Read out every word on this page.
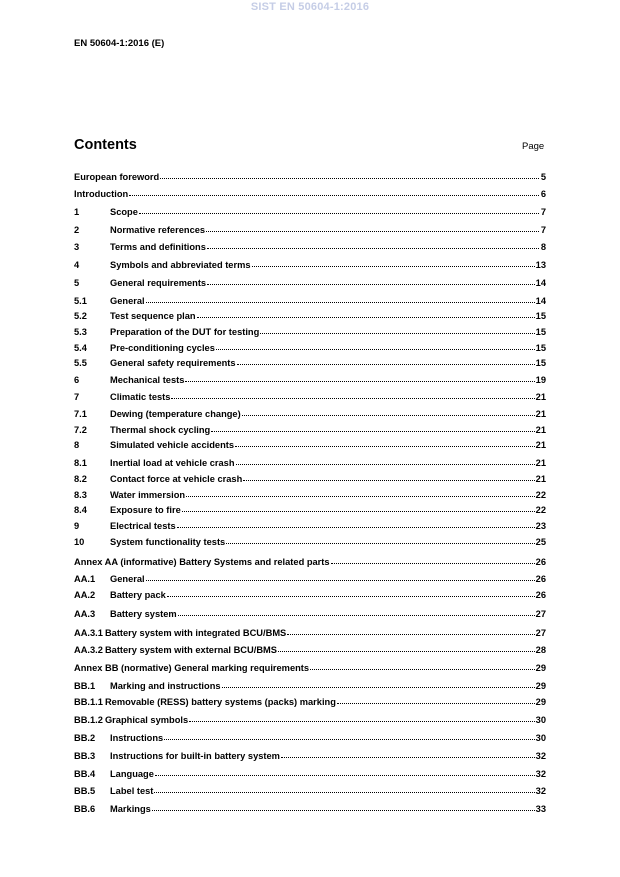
SIST EN 50604-1:2016
EN 50604-1:2016 (E)
Contents	Page
European foreword	5
Introduction	6
1	Scope	7
2	Normative references	7
3	Terms and definitions	8
4	Symbols and abbreviated terms	13
5	General requirements	14
5.1	General	14
5.2	Test sequence plan	15
5.3	Preparation of the DUT for testing	15
5.4	Pre-conditioning cycles	15
5.5	General safety requirements	15
6	Mechanical tests	19
7	Climatic tests	21
7.1	Dewing (temperature change)	21
7.2	Thermal shock cycling	21
8	Simulated vehicle accidents	21
8.1	Inertial load at vehicle crash	21
8.2	Contact force at vehicle crash	21
8.3	Water immersion	22
8.4	Exposure to fire	22
9	Electrical tests	23
10	System functionality tests	25
Annex AA (informative) Battery Systems and related parts	26
AA.1	General	26
AA.2	Battery pack	26
AA.3	Battery system	27
AA.3.1 Battery system with integrated BCU/BMS	27
AA.3.2 Battery system with external BCU/BMS	28
Annex BB (normative) General marking requirements	29
BB.1	Marking and instructions	29
BB.1.1 Removable (RESS) battery systems (packs) marking	29
BB.1.2 Graphical symbols	30
BB.2	Instructions	30
BB.3	Instructions for built-in battery system	32
BB.4	Language	32
BB.5	Label test	32
BB.6	Markings	33
